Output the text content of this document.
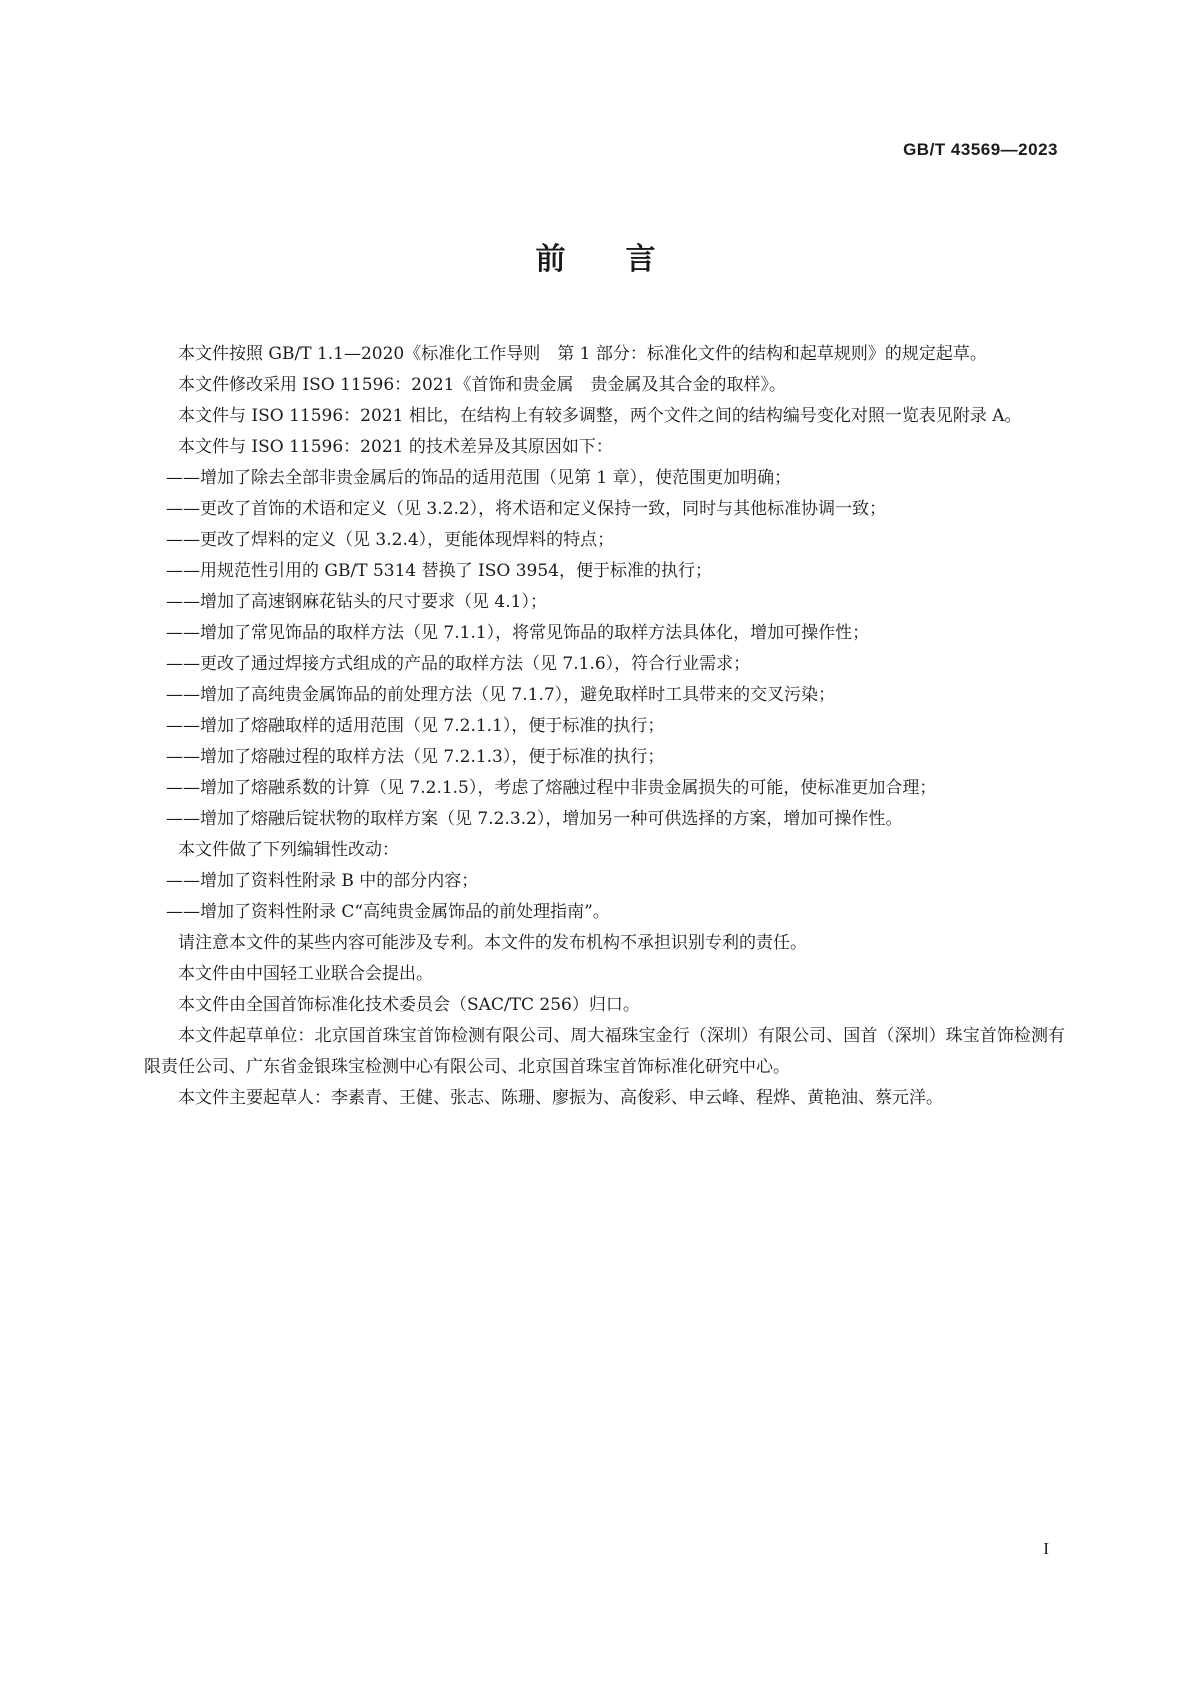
GB/T 43569—2023

前言

本文件按照 GB/T 1.1—2020《标准化工作导则　第 1 部分：标准化文件的结构和起草规则》的规定起草。

本文件修改采用 ISO 11596：2021《首饰和贵金属　贵金属及其合金的取样》。

本文件与 ISO 11596：2021 相比，在结构上有较多调整，两个文件之间的结构编号变化对照一览表见附录 A。

本文件与 ISO 11596：2021 的技术差异及其原因如下：

——增加了除去全部非贵金属后的饰品的适用范围（见第 1 章），使范围更加明确；
——更改了首饰的术语和定义（见 3.2.2），将术语和定义保持一致，同时与其他标准协调一致；
——更改了焊料的定义（见 3.2.4），更能体现焊料的特点；
——用规范性引用的 GB/T 5314 替换了 ISO 3954，便于标准的执行；
——增加了高速钢麻花钻头的尺寸要求（见 4.1）；
——增加了常见饰品的取样方法（见 7.1.1），将常见饰品的取样方法具体化，增加可操作性；
——更改了通过焊接方式组成的产品的取样方法（见 7.1.6），符合行业需求；
——增加了高纯贵金属饰品的前处理方法（见 7.1.7），避免取样时工具带来的交叉污染；
——增加了熔融取样的适用范围（见 7.2.1.1），便于标准的执行；
——增加了熔融过程的取样方法（见 7.2.1.3），便于标准的执行；
——增加了熔融系数的计算（见 7.2.1.5），考虑了熔融过程中非贵金属损失的可能，使标准更加合理；
——增加了熔融后锭状物的取样方案（见 7.2.3.2），增加另一种可供选择的方案，增加可操作性。

本文件做了下列编辑性改动：

——增加了资料性附录 B 中的部分内容；
——增加了资料性附录 C“高纯贵金属饰品的前处理指南”。

请注意本文件的某些内容可能涉及专利。本文件的发布机构不承担识别专利的责任。

本文件由中国轻工业联合会提出。

本文件由全国首饰标准化技术委员会（SAC/TC 256）归口。

本文件起草单位：北京国首珠宝首饰检测有限公司、周大福珠宝金行（深圳）有限公司、国首（深圳）珠宝首饰检测有限责任公司、广东省金银珠宝检测中心有限公司、北京国首珠宝首饰标准化研究中心。

本文件主要起草人：李素青、王健、张志、陈珊、廖振为、高俊彩、申云峰、程烨、黄艳油、蔡元洋。

I
